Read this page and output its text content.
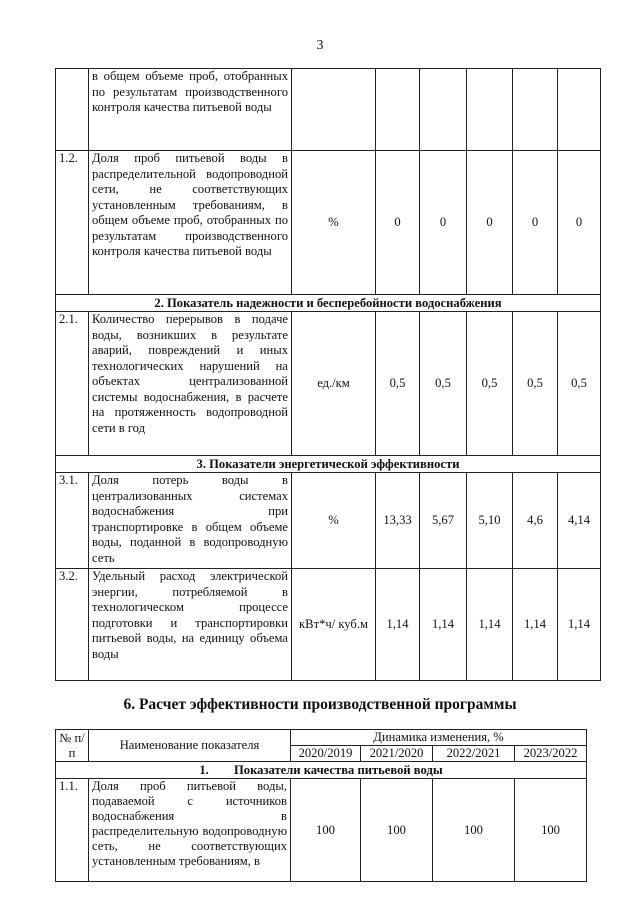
3
	в общем объеме проб, отобранных по результатам производственного контроля качества питьевой воды						
1.2.	Доля проб питьевой воды в распределительной водопроводной сети, не соответствующих установленным требованиям, в общем объеме проб, отобранных по результатам производственного контроля качества питьевой воды	%	0	0	0	0	0
2. Показатель надежности и бесперебойности водоснабжения							
2.1.	Количество перерывов в подаче воды, возникших в результате аварий, повреждений и иных технологических нарушений на объектах централизованной системы водоснабжения, в расчете на протяженность водопроводной сети в год	ед./км	0,5	0,5	0,5	0,5	0,5
3. Показатели энергетической эффективности							
3.1.	Доля потерь воды в централизованных системах водоснабжения при транспортировке в общем объеме воды, поданной в водопроводную сеть	%	13,33	5,67	5,10	4,6	4,14
3.2.	Удельный расход электрической энергии, потребляемой в технологическом процессе подготовки и транспортировки питьевой воды, на единицу объема воды	кВт*ч/ куб.м	1,14	1,14	1,14	1,14	1,14
6. Расчет эффективности производственной программы
№ п/п	Наименование показателя	Динамика изменения, %			
		2020/2019	2021/2020	2022/2021	2023/2022
1. Показатели качества питьевой воды					
1.1.	Доля проб питьевой воды, подаваемой с источников водоснабжения в распределительную водопроводную сеть, не соответствующих установленным требованиям, в	100	100	100	100
